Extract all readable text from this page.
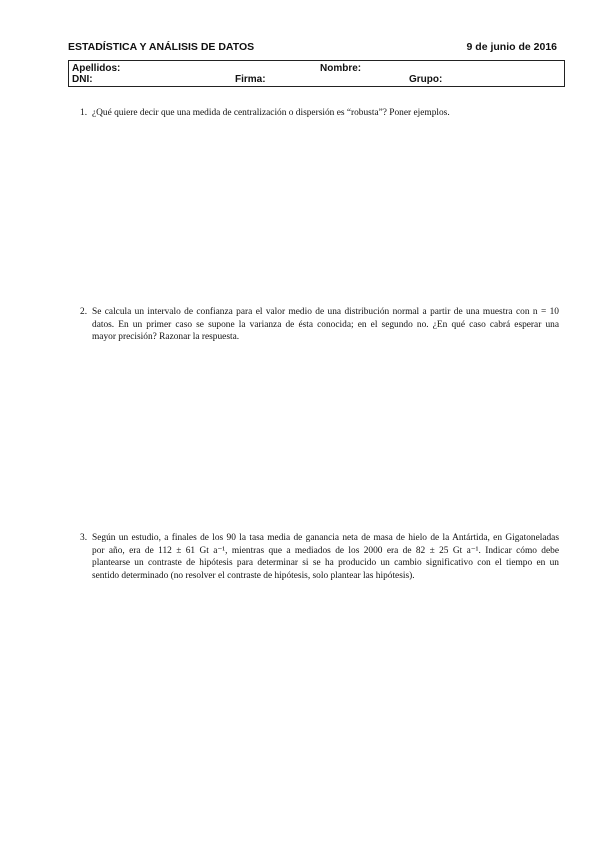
ESTADÍSTICA Y ANÁLISIS DE DATOS	9 de junio de 2016
Apellidos:	Nombre:
DNI:	Firma:	Grupo:
1. ¿Qué quiere decir que una medida de centralización o dispersión es “robusta”? Poner ejemplos.
2. Se calcula un intervalo de confianza para el valor medio de una distribución normal a partir de una muestra con n = 10
datos. En un primer caso se supone la varianza de ésta conocida; en el segundo no. ¿En qué caso cabrá esperar una
mayor precisión? Razonar la respuesta.
3. Según un estudio, a finales de los 90 la tasa media de ganancia neta de masa de hielo de la Antártida, en Gigatoneladas
por año, era de 112 ± 61 Gt a⁻¹, mientras que a mediados de los 2000 era de 82 ± 25 Gt a⁻¹. Indicar cómo debe
plantearse un contraste de hipótesis para determinar si se ha producido un cambio significativo con el tiempo en un
sentido determinado (no resolver el contraste de hipótesis, solo plantear las hipótesis).
